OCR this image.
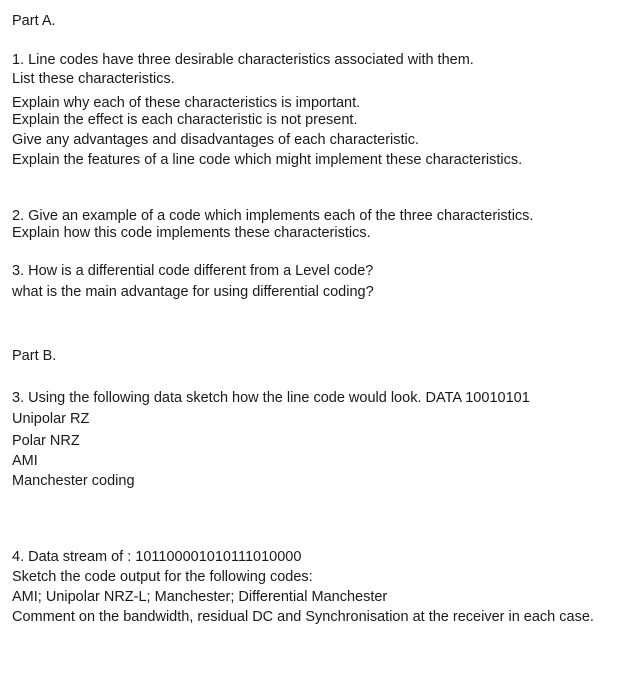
Part A.
1. Line codes have three desirable characteristics associated with them.
List these characteristics.
Explain why each of these characteristics is important.
Explain the effect is each characteristic is not present.
Give any advantages and disadvantages of each characteristic.
Explain the features of a line code which might implement these characteristics.
2. Give an example of a code which implements each of the three characteristics.
Explain how this code implements these characteristics.
3. How is a differential code different from a Level code?
what is the main advantage for using differential coding?
Part B.
3. Using the following data sketch how the line code would look. DATA 10010101
Unipolar RZ
Polar NRZ
AMI
Manchester coding
4. Data stream of : 101100001010111010000
Sketch the code output for the following codes:
AMI; Unipolar NRZ-L; Manchester; Differential Manchester
Comment on the bandwidth, residual DC and Synchronisation at the receiver in each case.
